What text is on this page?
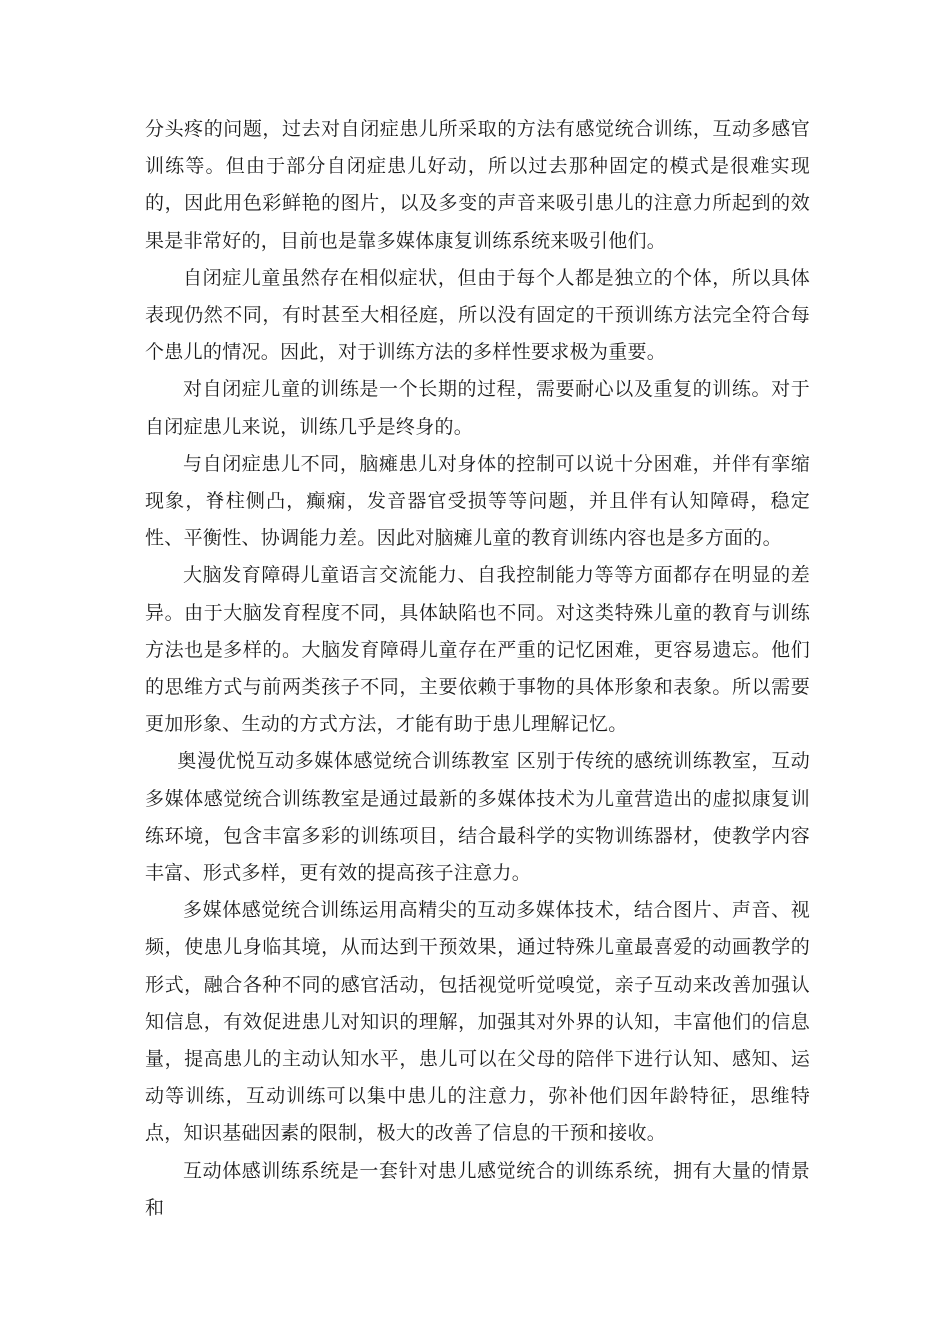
分头疼的问题，过去对自闭症患儿所采取的方法有感觉统合训练，互动多感官训练等。但由于部分自闭症患儿好动，所以过去那种固定的模式是很难实现的，因此用色彩鲜艳的图片，以及多变的声音来吸引患儿的注意力所起到的效果是非常好的，目前也是靠多媒体康复训练系统来吸引他们。

自闭症儿童虽然存在相似症状，但由于每个人都是独立的个体，所以具体表现仍然不同，有时甚至大相径庭，所以没有固定的干预训练方法完全符合每个患儿的情况。因此，对于训练方法的多样性要求极为重要。

对自闭症儿童的训练是一个长期的过程，需要耐心以及重复的训练。对于自闭症患儿来说，训练几乎是终身的。

与自闭症患儿不同，脑瘫患儿对身体的控制可以说十分困难，并伴有挛缩现象，脊柱侧凸，癫痫，发音器官受损等等问题，并且伴有认知障碍，稳定性、平衡性、协调能力差。因此对脑瘫儿童的教育训练内容也是多方面的。

大脑发育障碍儿童语言交流能力、自我控制能力等等方面都存在明显的差异。由于大脑发育程度不同，具体缺陷也不同。对这类特殊儿童的教育与训练方法也是多样的。大脑发育障碍儿童存在严重的记忆困难，更容易遗忘。他们的思维方式与前两类孩子不同，主要依赖于事物的具体形象和表象。所以需要更加形象、生动的方式方法，才能有助于患儿理解记忆。

奥漫优悦互动多媒体感觉统合训练教室 区别于传统的感统训练教室，互动多媒体感觉统合训练教室是通过最新的多媒体技术为儿童营造出的虚拟康复训练环境，包含丰富多彩的训练项目，结合最科学的实物训练器材，使教学内容丰富、形式多样，更有效的提高孩子注意力。

多媒体感觉统合训练运用高精尖的互动多媒体技术，结合图片、声音、视频，使患儿身临其境，从而达到干预效果，通过特殊儿童最喜爱的动画教学的形式，融合各种不同的感官活动，包括视觉听觉嗅觉，亲子互动来改善加强认知信息，有效促进患儿对知识的理解，加强其对外界的认知，丰富他们的信息量，提高患儿的主动认知水平，患儿可以在父母的陪伴下进行认知、感知、运动等训练，互动训练可以集中患儿的注意力，弥补他们因年龄特征，思维特点，知识基础因素的限制，极大的改善了信息的干预和接收。

互动体感训练系统是一套针对患儿感觉统合的训练系统，拥有大量的情景和
